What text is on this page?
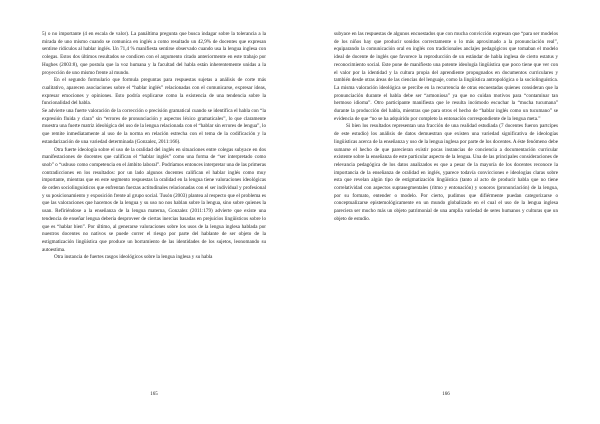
5) o no importante (4 en escala de valor). La panáltima pregunta que busca indagar sobre la tolerancia a la mirada de uno mismo cuando se comunica en inglés a como resultado un 42,9% de docentes que expresan sentirse ridiculos al hablar inglés. Un 71,4 % manifiesta sentirse observado cuando usa la lengua inglesa con colegas. Estos dos últimos resultados se condicen con el argumento citado anteriormente en este trabajo por Hughes (2003:8), que postula que la voz humana y la facultad del habla están inherentemente unidas a la proyección de uno mismo frente al mundo.

En el segundo formulario que formula preguntas para respuestas sujetas a análisis de corte más cualitativo, aparecen asociaciones sobre el “hablar inglés” relacionadas con el comunicarse, expresar ideas, expresar emociones y opiniones. Esto podría explicarse como la existencia de una tendencia sobre la funcionalidad del habla.

Se advierte una fuerte valoración de la corrección o precisión gramatical cuando se identifica el habla con “la expresión fluida y clara” sin “errores de pronunciación y aspectos léxico gramaticales”, lo que claramente muestra una fuerte matriz ideológica del uso de la lengua relacionada con el “hablar sin errores de lengua”, lo que remite inmediatamente al uso de la norma en relación estrecha con el tema de la codificación y la estandarización de una variedad determinada (Gonzalez, 2011:166).

Otra fuerte ideología sobre el uso de la oralidad del inglés en situaciones entre colegas subyace en dos manifestaciones de docentes que califican el “hablar inglés” como una forma de “ser interpretado como snob” o “usbuso como competencia en el ámbito laboral”. Podríamos entonces interpretar una de las primeras contradicciones en los resultados: por un lado algunos docentes califican el hablar inglés como muy importante, mientras que en este segmento respuestas la oralidad en la lengua tiene valoraciones ideológicas de orden sociolinguísticos que enfrentan fuerzas actitudinales relacionadas con el ser individual y profesional y su posicionamiento y exposición frente al grupo social. Tusón (2003) plantea al respecto que el problema es que las valoraciones que hacemos de la lengua y su uso no nos hablan sobre la lengua, sino sobre quienes la usan. Refiriéndose a la enseñanza de la lengua materna, Gonzalez (2011:179) advierte que existe una tendencia de enseñar lengua debería desproveer de ciertas inercias basadas en prejuicios lingüísticos sobre lo que es “hablar bien”. Por último, al generarse valoraciones sobre los usos de la lengua inglesa hablada por nuestros docentes no nativos se puede correr el riesgo por parte del hablante de ser objeto de la estigmatización lingüística que produce un borramiento de las identidades de los sujetos, leonomando su autoestima.

Otra instancia de fuertes rasgos ideológicos sobre la lengua inglesa y su habla

165

subyace en las respuestas de algunos encuestados que con mucha convicción expresan que “para ser modelos de los niños hay que producir sonidos correctamente o lo más aproximado a la pronunciación real”, equiparando la comunicación oral en inglés con tradicionales anclajes pedagógicos que tomaban el modelo ideal de docente de inglés que favorece la reproducción de un estándar de habla inglesa de cierto estatus y reconocimiento social. Este pone de manifiesto una potente ideología lingüística que poco tiene que ver con el valor por la identidad y la cultura propia del aprendiente propugnados en documentos curriculares y también desde otras áreas de las ciencias del lenguaje, como la lingüística antropológica o la sociolinguística. La misma valoración ideológica se percibe en la recurrencia de otras encuestadas quienes consideran que la pronunciación durante el habla debe ser “armoniosa” ya que no cuidan motivos para “contaminar tan hermoso idioma”. Otro participante manifiesta que le resulta incómodo escuchar la “mucha tucumana” durante la producción del habla, mientras que para otros el hecho de “hablar inglés como un tucumano” se evidencia de que “no se ha adquirido por completo la entonación correspondiente de la lengua meta.”

Si bien los resultados representan una fracción de una realidad estudiada (7 docentes fueron partcipes de este estudio) los análisis de datos demuestran que existen una variedad significativa de ideologías lingüísticas acerca de la enseñanza y uso de la lengua inglesa por parte de los docentes. A éste fenómeno debe sumarse el hecho de que parecieran existir pocas instancias de conciencia a documentación curricular existente sobre la enseñanza de este particular aspecto de la lengua. Una de las principales consideraciones de relevancia pedagógica de los datos analizados es que a pesar de la mayoría de los docentes reconoce la importancia de la enseñanza de oralidad en inglés, yparece todavía convicciones e ideologías claras sobre esta que revelan algún tipo de estigmatización lingüística (tanto al acto de producir habla que no tiene correlatividad con aspectos suprasegmentales (ritmo y entonación) y sonoros (pronunciación) de la lengua, por su formato, entender o modelo. Por cierto, pudimos que difiérmente puedan categorizarse o conceptualizarse epistemológicamente en un mundo globalizado en el cual el uso de la lengua inglesa pareciera ser mucho más un objeto patrimonial de una amplia variedad de seres humanos y culturas que un objeto de estudio.

166
